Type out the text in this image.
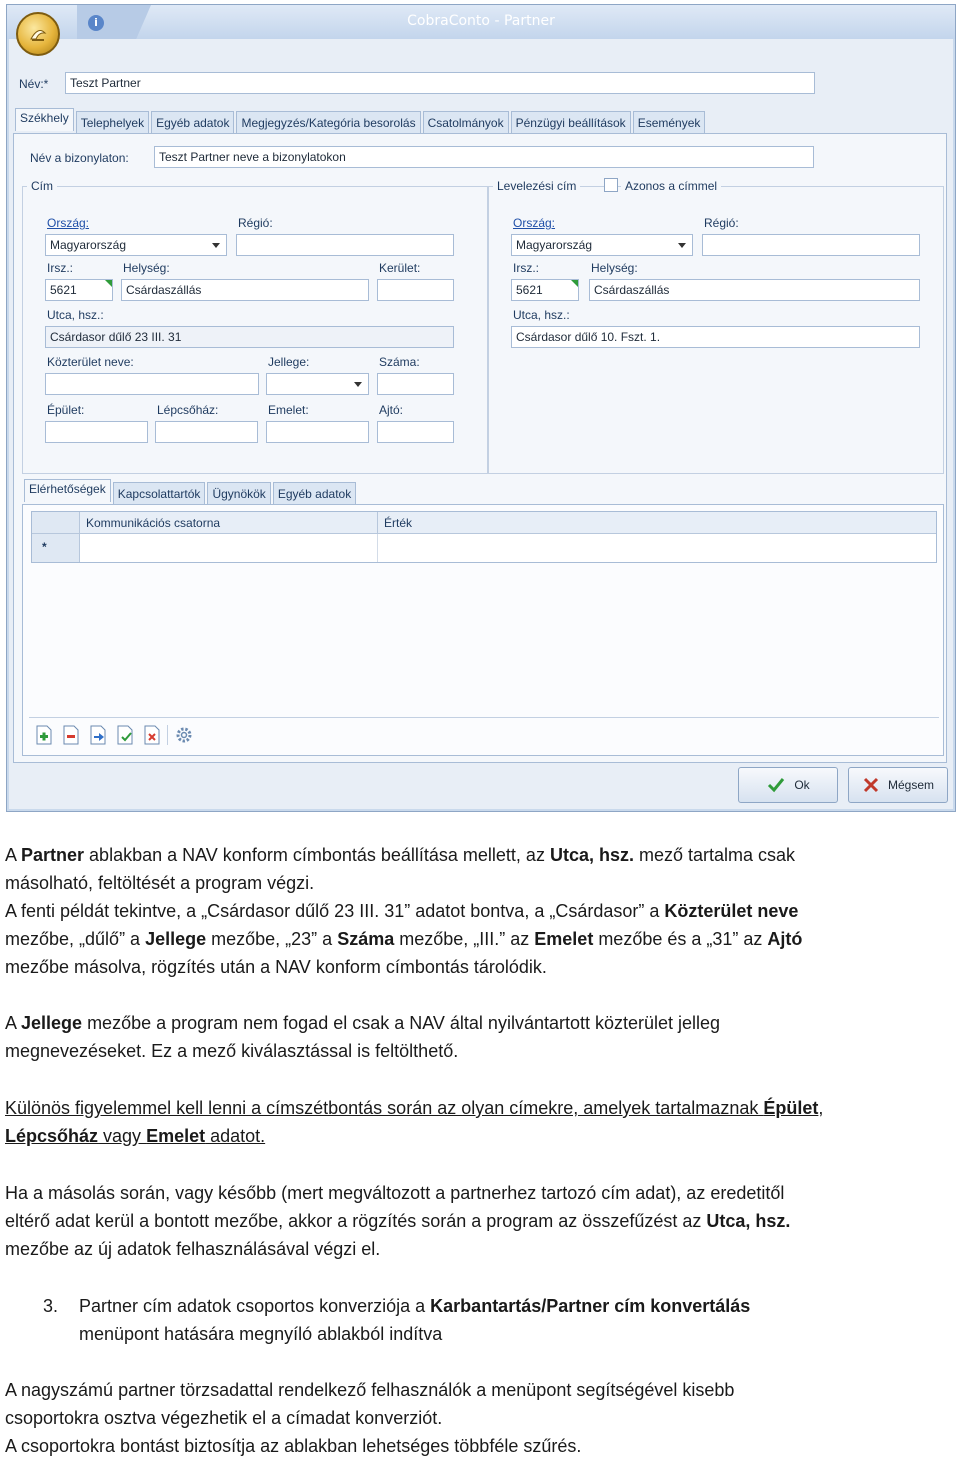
i	CobraConto - Partner
Név:*	Teszt Partner
Székhely	Telephelyek	Egyéb adatok	Megjegyzés/Kategória besorolás	Csatolmányok	Pénzügyi beállítások	Események
Név a bizonylaton:	Teszt Partner neve a bizonylatokon
Cím
Ország:	Régió:
Magyarország
Irsz.:	Helység:	Kerület:
5621	Csárdaszállás
Utca, hsz.:
Csárdasor dűlő 23 III. 31
Közterület neve:	Jellege:	Száma:
Épület:	Lépcsőház:	Emelet:	Ajtó:
Levelezési cím	Azonos a címmel
Ország:	Régió:
Magyarország
Irsz.:	Helység:
5621	Csárdaszállás
Utca, hsz.:
Csárdasor dűlő 10. Fszt. 1.
Elérhetőségek	Kapcsolattartók	Ügynökök	Egyéb adatok
Kommunikációs csatorna	Érték
*
Ok	Mégsem

A Partner ablakban a NAV konform címbontás beállítása mellett, az Utca, hsz. mező tartalma csak
másolható, feltöltését a program végzi.

A fenti példát tekintve, a „Csárdasor dűlő 23 III. 31” adatot bontva, a „Csárdasor” a Közterület neve
mezőbe, „dűlő” a Jellege mezőbe, „23” a Száma mezőbe, „III.” az Emelet mezőbe és a „31” az Ajtó
mezőbe másolva, rögzítés után a NAV konform címbontás tárolódik.

A Jellege mezőbe a program nem fogad el csak a NAV által nyilvántartott közterület jelleg
megnevezéseket. Ez a mező kiválasztással is feltölthető.

Különös figyelemmel kell lenni a címszétbontás során az olyan címekre, amelyek tartalmaznak Épület,
Lépcsőház vagy Emelet adatot.

Ha a másolás során, vagy később (mert megváltozott a partnerhez tartozó cím adat), az eredetitől
eltérő adat kerül a bontott mezőbe, akkor a rögzítés során a program az összefűzést az Utca, hsz.
mezőbe az új adatok felhasználásával végzi el.

3.	Partner cím adatok csoportos konverziója a Karbantartás/Partner cím konvertálás
menüpont hatására megnyíló ablakból indítva

A nagyszámú partner törzsadattal rendelkező felhasználók a menüpont segítségével kisebb
csoportokra osztva végezhetik el a címadat konverziót.
A csoportokra bontást biztosítja az ablakban lehetséges többféle szűrés.
